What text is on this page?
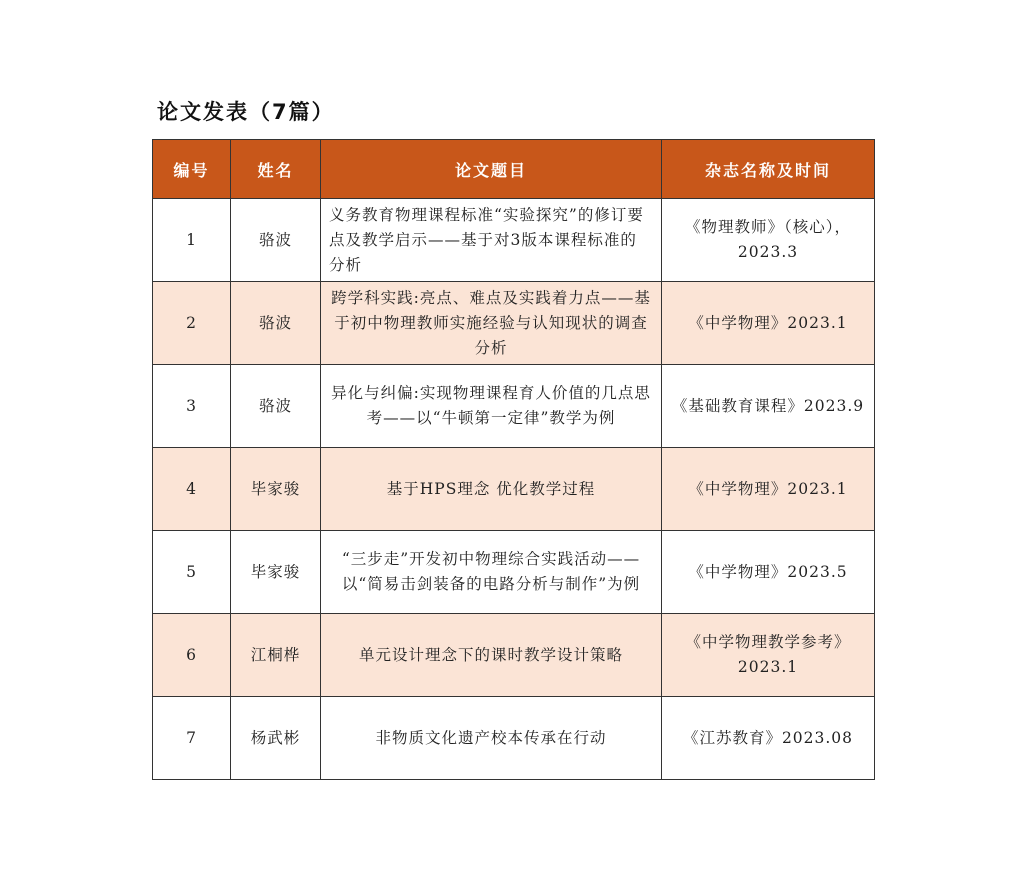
论文发表（7篇）
编号	姓名	论文题目	杂志名称及时间
1	骆波	义务教育物理课程标准“实验探究”的修订要点及教学启示——基于对3版本课程标准的分析	《物理教师》（核心），2023.3
2	骆波	跨学科实践:亮点、难点及实践着力点——基于初中物理教师实施经验与认知现状的调查分析	《中学物理》2023.1
3	骆波	异化与纠偏:实现物理课程育人价值的几点思考——以“牛顿第一定律”教学为例	《基础教育课程》2023.9
4	毕家骏	基于HPS理念 优化教学过程	《中学物理》2023.1
5	毕家骏	“三步走”开发初中物理综合实践活动——以“简易击剑装备的电路分析与制作”为例	《中学物理》2023.5
6	江桐桦	单元设计理念下的课时教学设计策略	《中学物理教学参考》2023.1
7	杨武彬	非物质文化遗产校本传承在行动	《江苏教育》2023.08
